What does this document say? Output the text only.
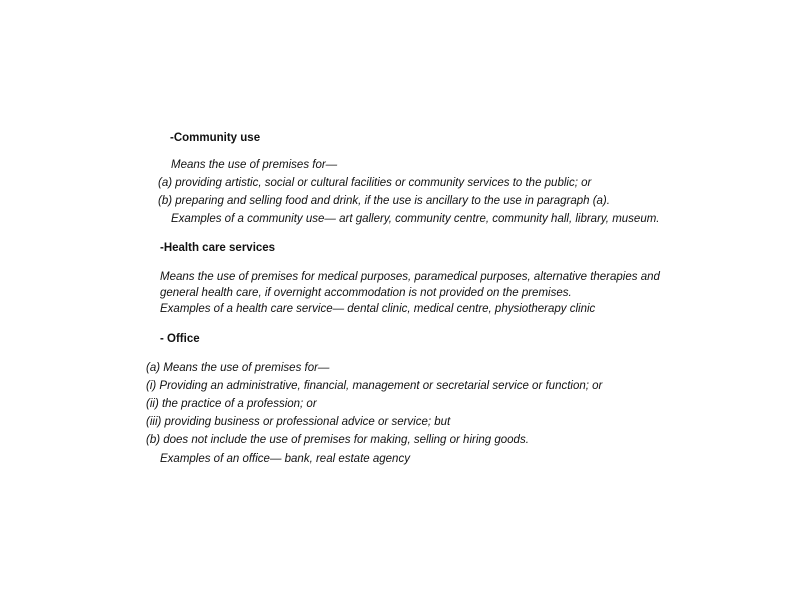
-Community use
Means the use of premises for—
(a) providing artistic, social or cultural facilities or community services to the public; or
(b) preparing and selling food and drink, if the use is ancillary to the use in paragraph (a).
Examples of a community use— art gallery, community centre, community hall, library, museum.
-Health care services
Means the use of premises for medical purposes, paramedical purposes, alternative therapies and
general health care, if overnight accommodation is not provided on the premises.
Examples of a health care service— dental clinic, medical centre, physiotherapy clinic
- Office
(a) Means the use of premises for—
(i) Providing an administrative, financial, management or secretarial service or function; or
(ii) the practice of a profession; or
(iii) providing business or professional advice or service; but
(b) does not include the use of premises for making, selling or hiring goods.
Examples of an office— bank, real estate agency
